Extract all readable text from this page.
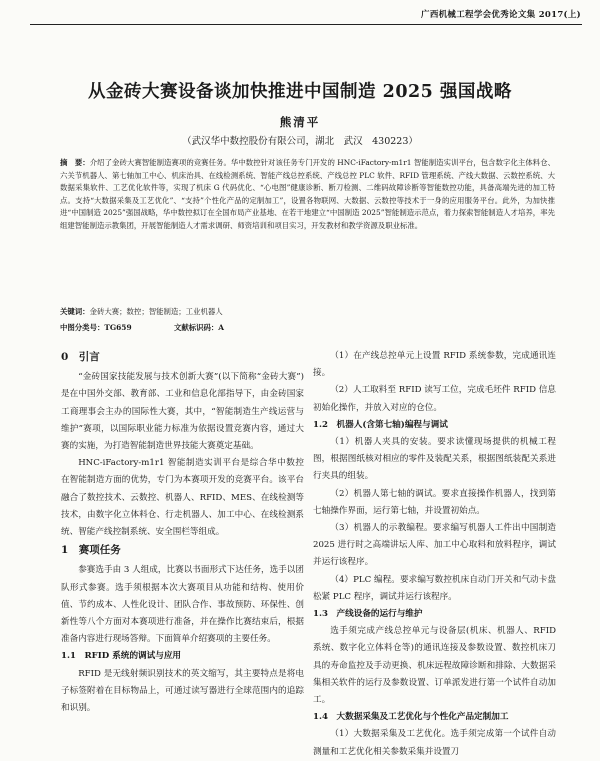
广西机械工程学会优秀论文集 2017(上)
从金砖大赛设备谈加快推进中国制造 2025 强国战略
熊清平
（武汉华中数控股份有限公司，湖北　武汉　430223）
摘　要：介绍了金砖大赛智能制造赛项的竞赛任务。华中数控针对该任务专门开发的 HNC-iFactory-m1r1 智能制造实训平台，包含数字化主体料仓、六关节机器人、第七轴加工中心、机床治具、在线检测系统、智能产线总控系统、产线总控 PLC 软件、RFID 管理系统、产线大数据、云数控系统、大数据采集软件、工艺优化软件等，实现了机床 G 代码优化、“心电图”健康诊断、断刀检测、二维码故障诊断等智能数控功能，具备高端先进的加工特点。支持“大数据采集及工艺优化”、“支持”个性化产品的定制加工”，设置各物联网、大数据、云数控等技术于一身的应用服务平台。此外，为加快推进“中国制造 2025”强国战略，华中数控拟订在全国布局产业基地、在若干地建立“中国制造 2025”智能制造示范点，着力探索智能制造人才培养，率先组建智能制造示教集团，开展智能制造人才需求调研、师资培训和项目实习，开发教材和教学资源及职业标准。
关键词：金砖大赛；数控；智能制造；工业机器人
中图分类号：TG659	文献标识码：A

0　引言

“金砖国家技能发展与技术创新大赛”(以下简称“金砖大赛”)是在中国外交部、教育部、工业和信息化部指导下，由金砖国家工商理事会主办的国际性大赛，其中，“智能制造生产线运营与维护”赛项，以国际职业能力标准为依据设置竞赛内容，通过大赛的实施，为打造智能制造世界技能大赛奠定基础。

HNC-iFactory-m1r1 智能制造实训平台是综合华中数控在智能制造方面的优势，专门为本赛项开发的竞赛平台。该平台融合了数控技术、云数控、机器人、RFID、MES、在线检测等技术，由数字化立体料仓、行走机器人、加工中心、在线检测系统、智能产线控制系统、安全围栏等组成。

1　赛项任务

参赛选手由 3 人组成，比赛以书面形式下达任务，选手以团队形式参赛。选手须根据本次大赛项目从功能和结构、使用价值、节约成本、人性化设计、团队合作、事故预防、环保性、创新性等八个方面对本赛项进行准备，并在操作比赛结束后，根据准备内容进行现场答辩。下面简单介绍赛项的主要任务。

1.1　RFID 系统的调试与应用

RFID 是无线射频识别技术的英文缩写，其主要特点是将电子标签附着在目标物品上，可通过读写器进行全球范围内的追踪和识别。

（1）在产线总控单元上设置 RFID 系统参数，完成通讯连接。

（2）人工取料至 RFID 读写工位，完成毛坯件 RFID 信息初始化操作，并放入对应的仓位。

1.2　机器人(含第七轴)编程与调试

（1）机器人夹具的安装。要求读懂现场提供的机械工程图，根据图纸核对相应的零件及装配关系，根据图纸装配关系进行夹具的组装。

（2）机器人第七轴的调试。要求直接操作机器人，找到第七轴操作界面，运行第七轴，并设置初始点。

（3）机器人的示教编程。要求编写机器人工件出中国制造 2025 进行时之高端讲坛人库、加工中心取料和放料程序，调试并运行该程序。

（4）PLC 编程。要求编写数控机床自动门开关和气动卡盘松紧 PLC 程序，调试并运行该程序。

1.3　产线设备的运行与维护

选手须完成产线总控单元与设备层(机床、机器人、RFID 系统、数字化立体料仓等)的通讯连接及参数设置、数控机床刀具的寿命监控及手动更换、机床远程故障诊断和排除、大数据采集相关软件的运行及参数设置、订单派发进行第一个试件自动加工。

1.4　大数据采集及工艺优化与个性化产品定制加工

（1）大数据采集及工艺优化。选手须完成第一个试件自动测量和工艺优化相关参数采集并设置刀
